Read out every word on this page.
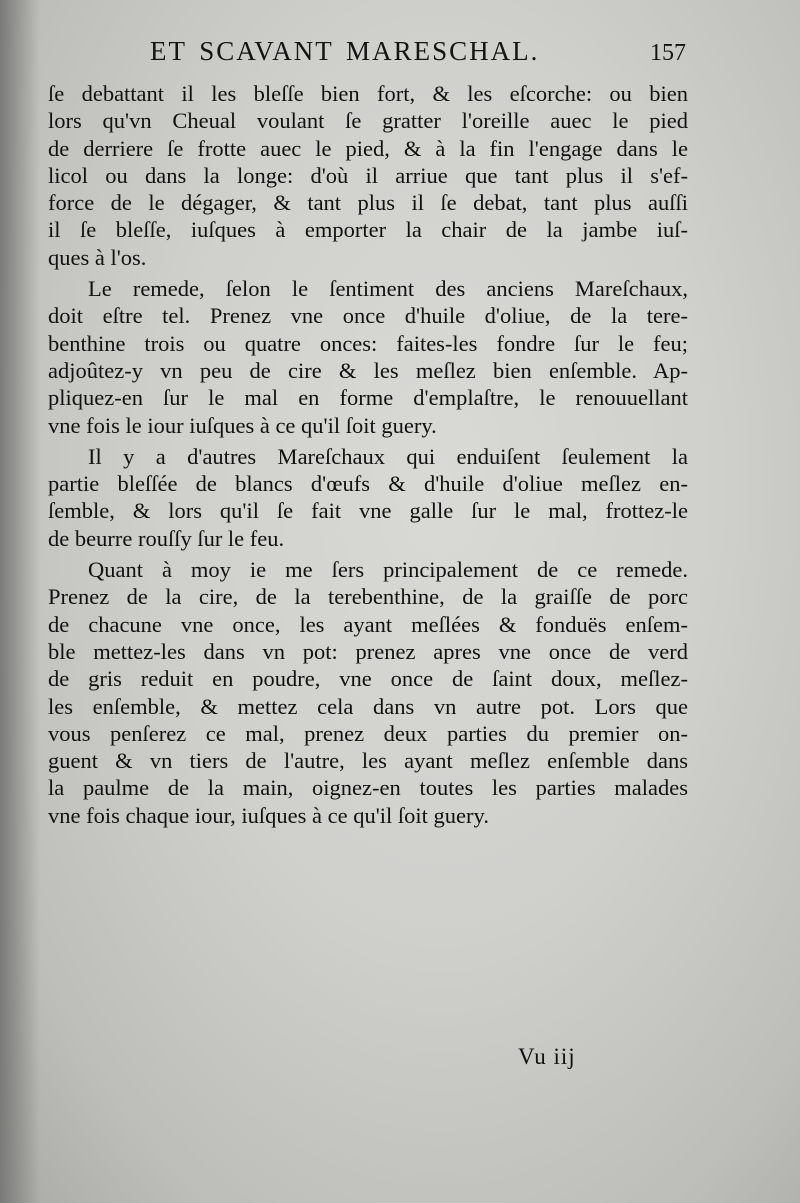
ET SCAVANT MARESCHAL.	157

ſe debattant il les bleſſe bien fort, & les eſcorche: ou bien
lors qu'vn Cheual voulant ſe gratter l'oreille auec le pied
de derriere ſe frotte auec le pied, & à la fin l'engage dans le
licol ou dans la longe: d'où il arriue que tant plus il s'ef-
force de le dégager, & tant plus il ſe debat, tant plus auſſi
il ſe bleſſe, iuſques à emporter la chair de la jambe iuſ-
ques à l'os.

Le remede, ſelon le ſentiment des anciens Mareſchaux,
doit eſtre tel. Prenez vne once d'huile d'oliue, de la tere-
benthine trois ou quatre onces: faites-les fondre ſur le feu;
adjoûtez-y vn peu de cire & les meſlez bien enſemble. Ap-
pliquez-en ſur le mal en forme d'emplaſtre, le renouuellant
vne fois le iour iuſques à ce qu'il ſoit guery.

Il y a d'autres Mareſchaux qui enduiſent ſeulement la
partie bleſſée de blancs d'œufs & d'huile d'oliue meſlez en-
ſemble, & lors qu'il ſe fait vne galle ſur le mal, frottez-le
de beurre rouſſy ſur le feu.

Quant à moy ie me ſers principalement de ce remede.
Prenez de la cire, de la terebenthine, de la graiſſe de porc
de chacune vne once, les ayant meſlées & fonduës enſem-
ble mettez-les dans vn pot: prenez apres vne once de verd
de gris reduit en poudre, vne once de ſaint doux, meſlez-
les enſemble, & mettez cela dans vn autre pot. Lors que
vous penſerez ce mal, prenez deux parties du premier on-
guent & vn tiers de l'autre, les ayant meſlez enſemble dans
la paulme de la main, oignez-en toutes les parties malades
vne fois chaque iour, iuſques à ce qu'il ſoit guery.

Vu iij
